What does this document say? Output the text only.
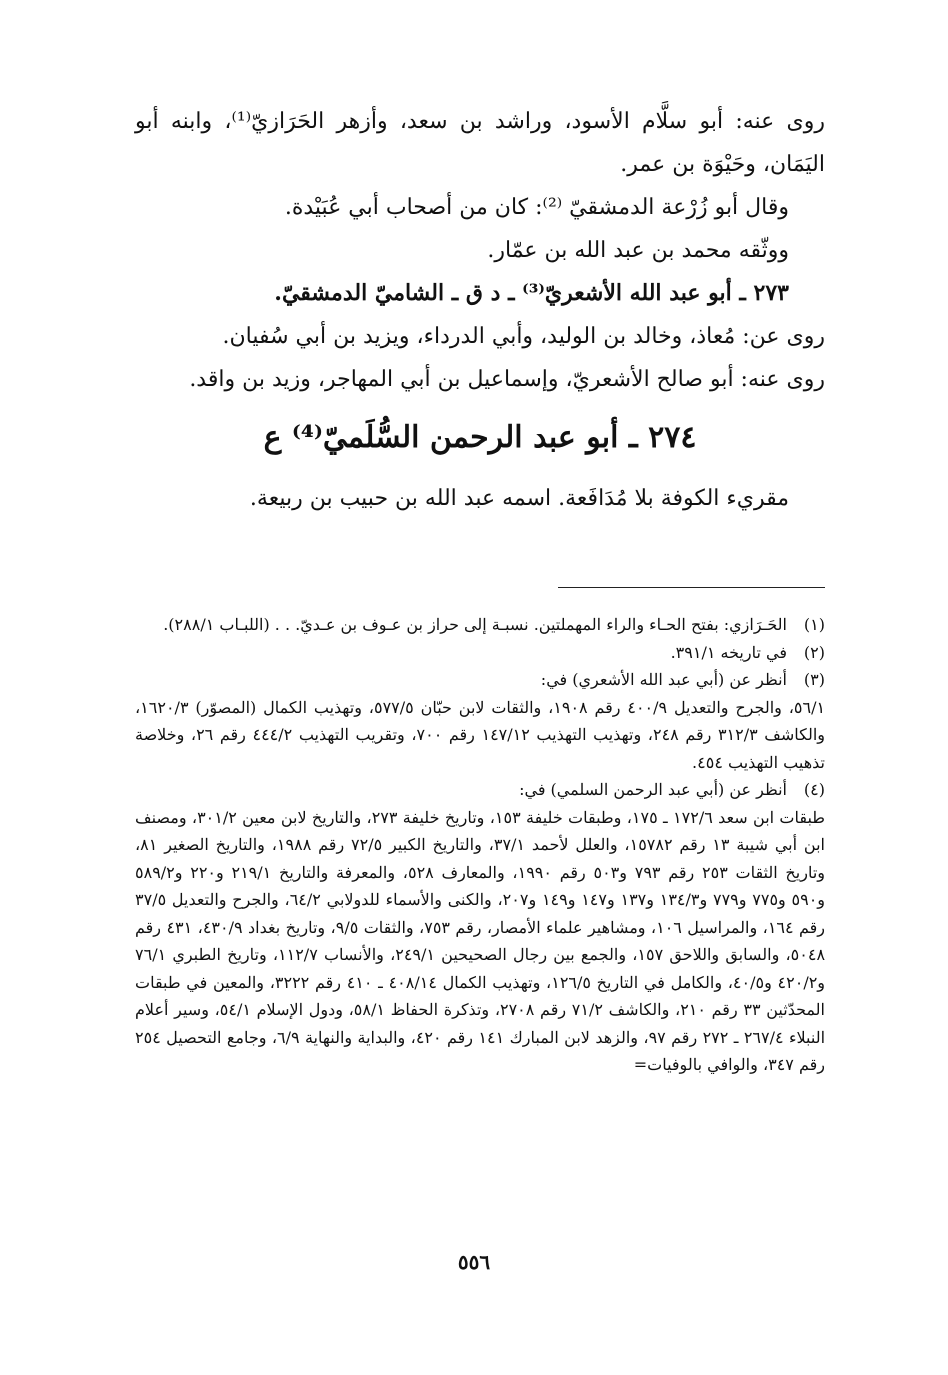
روى عنه: أبو سلَّام الأسود، وراشد بن سعد، وأزهر الحَرَازيّ⁽¹⁾، وابنه أبو اليَمَان، وحَيْوَة بن عمر.

وقال أبو زُرْعة الدمشقيّ ⁽²⁾: كان من أصحاب أبي عُبَيْدة.

ووثّقه محمد بن عبد الله بن عمّار.

٢٧٣ ـ أبو عبد الله الأشعريّ⁽³⁾ ـ د ق ـ الشاميّ الدمشقيّ.

روى عن: مُعاذ، وخالد بن الوليد، وأبي الدرداء، ويزيد بن أبي سُفيان.

روى عنه: أبو صالح الأشعريّ، وإسماعيل بن أبي المهاجر، وزيد بن واقد.

٢٧٤ ـ أبو عبد الرحمن السُّلَميّ⁽⁴⁾ ع

مقريء الكوفة بلا مُدَافَعة. اسمه عبد الله بن حبيب بن ربيعة.

(١)

الحَـرَازي: بفتح الحـاء والراء المهملتين. نسبـة إلى حراز بن عـوف بن عـديّ. . . (اللبـاب ٢٨٨/١).

(٢)

في تاريخه ٣٩١/١.

(٣)

أنظر عن (أبي عبد الله الأشعري) في:

٥٦/١، والجرح والتعديل ٤٠٠/٩ رقم ١٩٠٨، والثقات لابن حبّان ٥٧٧/٥، وتهذيب الكمال (المصوّر) ١٦٢٠/٣، والكاشف ٣١٢/٣ رقم ٢٤٨، وتهذيب التهذيب ١٤٧/١٢ رقم ٧٠٠، وتقريب التهذيب ٤٤٤/٢ رقم ٢٦، وخلاصة تذهيب التهذيب ٤٥٤.

(٤)

أنظر عن (أبي عبد الرحمن السلمي) في:

طبقات ابن سعد ١٧٢/٦ ـ ١٧٥، وطبقات خليفة ١٥٣، وتاريخ خليفة ٢٧٣، والتاريخ لابن معين ٣٠١/٢، ومصنف ابن أبي شيبة ١٣ رقم ١٥٧٨٢، والعلل لأحمد ٣٧/١، والتاريخ الكبير ٧٢/٥ رقم ١٩٨٨، والتاريخ الصغير ٨١، وتاريخ الثقات ٢٥٣ رقم ٧٩٣ و٥٠٣ رقم ١٩٩٠، والمعارف ٥٢٨، والمعرفة والتاريخ ٢١٩/١ و٢٢٠ و٥٨٩/٢ و٥٩٠ و٧٧٥ و٧٧٩ و١٣٤/٣ و١٣٧ و١٤٧ و١٤٩ و٢٠٧، والكنى والأسماء للدولابي ٦٤/٢، والجرح والتعديل ٣٧/٥ رقم ١٦٤، والمراسيل ١٠٦، ومشاهير علماء الأمصار، رقم ٧٥٣، والثقات ٩/٥، وتاريخ بغداد ٤٣٠/٩، ٤٣١ رقم ٥٠٤٨، والسابق واللاحق ١٥٧، والجمع بين رجال الصحيحين ٢٤٩/١، والأنساب ١١٢/٧، وتاريخ الطبري ٧٦/١ و٤٢٠/٢ و٤٠/٥، والكامل في التاريخ ١٢٦/٥، وتهذيب الكمال ٤٠٨/١٤ ـ ٤١٠ رقم ٣٢٢٢، والمعين في طبقات المحدّثين ٣٣ رقم ٢١٠، والكاشف ٧١/٢ رقم ٢٧٠٨، وتذكرة الحفاظ ٥٨/١، ودول الإسلام ٥٤/١، وسير أعلام النبلاء ٢٦٧/٤ ـ ٢٧٢ رقم ٩٧، والزهد لابن المبارك ١٤١ رقم ٤٢٠، والبداية والنهاية ٦/٩، وجامع التحصيل ٢٥٤ رقم ٣٤٧، والوافي بالوفيات=

٥٥٦
